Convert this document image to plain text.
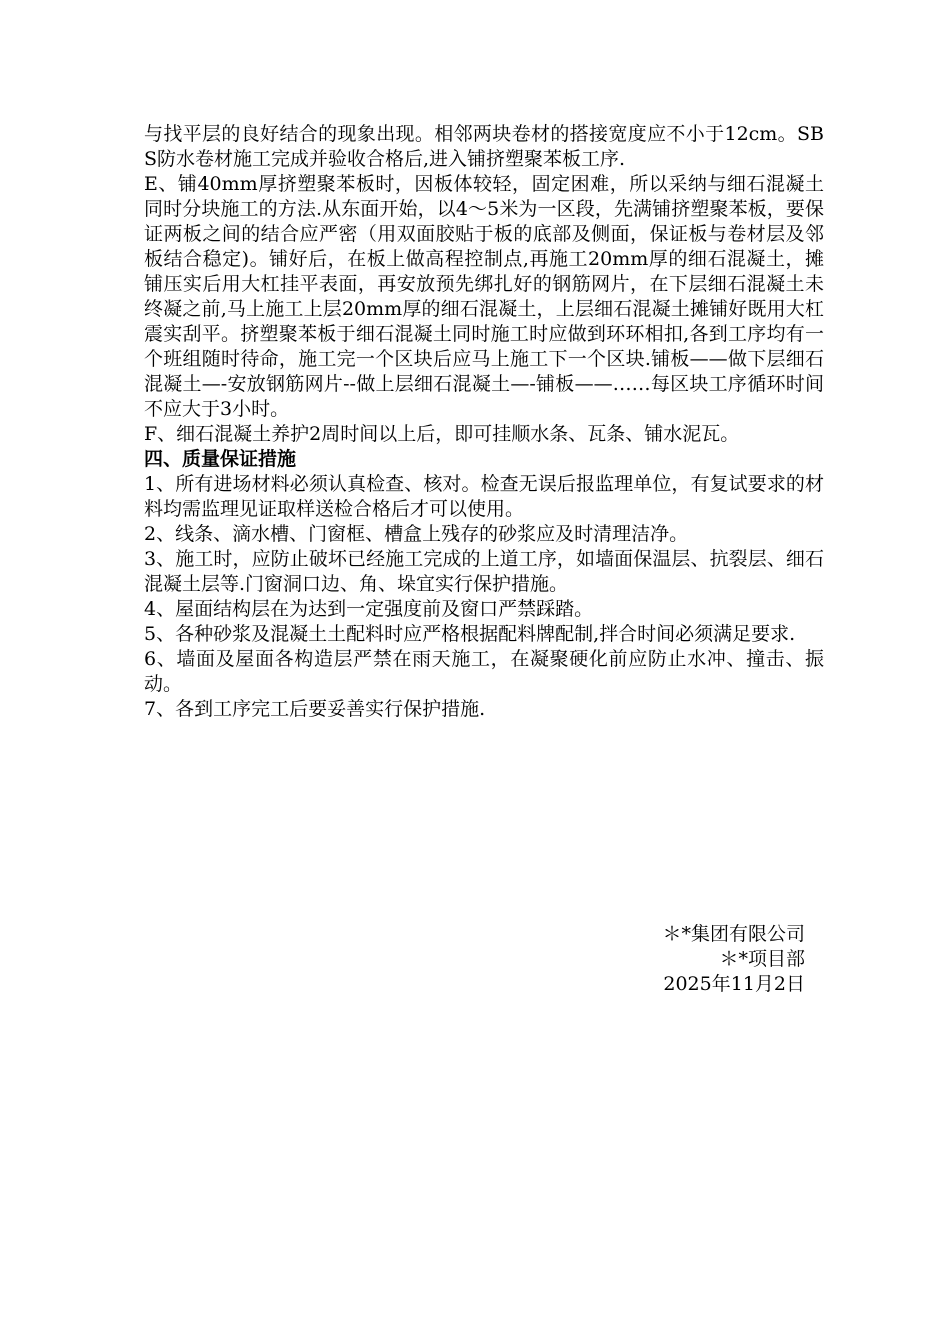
与找平层的良好结合的现象出现。相邻两块卷材的搭接宽度应不小于12cm。SBS防水卷材施工完成并验收合格后,进入铺挤塑聚苯板工序.

E、铺40mm厚挤塑聚苯板时，因板体较轻，固定困难，所以采纳与细石混凝土同时分块施工的方法.从东面开始，以4～5米为一区段，先满铺挤塑聚苯板，要保证两板之间的结合应严密（用双面胶贴于板的底部及侧面，保证板与卷材层及邻板结合稳定)。铺好后，在板上做高程控制点,再施工20mm厚的细石混凝土，摊铺压实后用大杠挂平表面，再安放预先绑扎好的钢筋网片，在下层细石混凝土未终凝之前,马上施工上层20mm厚的细石混凝土，上层细石混凝土摊铺好既用大杠震实刮平。挤塑聚苯板于细石混凝土同时施工时应做到环环相扣,各到工序均有一个班组随时待命，施工完一个区块后应马上施工下一个区块.铺板——做下层细石混凝土—-安放钢筋网片--做上层细石混凝土—-铺板——……每区块工序循环时间不应大于3小时。

F、细石混凝土养护2周时间以上后，即可挂顺水条、瓦条、铺水泥瓦。

四、质量保证措施

1、所有进场材料必须认真检查、核对。检查无误后报监理单位，有复试要求的材料均需监理见证取样送检合格后才可以使用。

2、线条、滴水槽、门窗框、槽盒上残存的砂浆应及时清理洁净。

3、施工时，应防止破坏已经施工完成的上道工序，如墙面保温层、抗裂层、细石混凝土层等.门窗洞口边、角、垛宜实行保护措施。

4、屋面结构层在为达到一定强度前及窗口严禁踩踏。

5、各种砂浆及混凝土土配料时应严格根据配料牌配制,拌合时间必须满足要求.

6、墙面及屋面各构造层严禁在雨天施工，在凝聚硬化前应防止水冲、撞击、振动。

7、各到工序完工后要妥善实行保护措施.

＊*集团有限公司
＊*项目部
2025年11月2日
